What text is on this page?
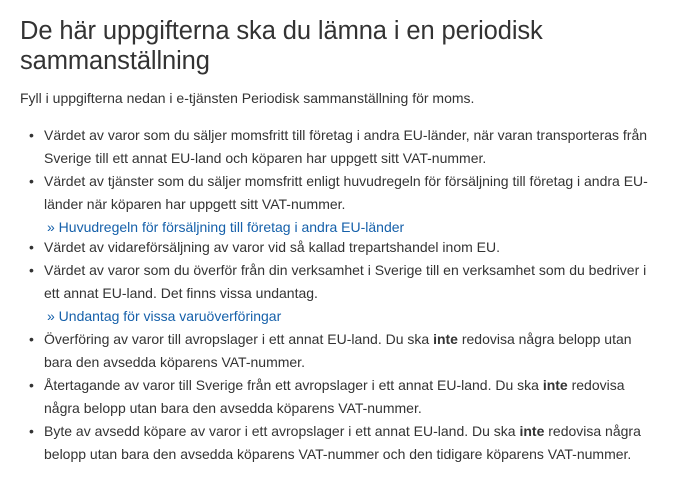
De här uppgifterna ska du lämna i en periodisk sammanställning

Fyll i uppgifterna nedan i e-tjänsten Periodisk sammanställning för moms.

• Värdet av varor som du säljer momsfritt till företag i andra EU-länder, när varan transporteras från Sverige till ett annat EU-land och köparen har uppgett sitt VAT-nummer.
• Värdet av tjänster som du säljer momsfritt enligt huvudregeln för försäljning till företag i andra EU-länder när köparen har uppgett sitt VAT-nummer.
» Huvudregeln för försäljning till företag i andra EU-länder
• Värdet av vidareförsäljning av varor vid så kallad trepartshandel inom EU.
• Värdet av varor som du överför från din verksamhet i Sverige till en verksamhet som du bedriver i ett annat EU-land. Det finns vissa undantag.
» Undantag för vissa varuöverföringar
• Överföring av varor till avropslager i ett annat EU-land. Du ska inte redovisa några belopp utan bara den avsedda köparens VAT-nummer.
• Återtagande av varor till Sverige från ett avropslager i ett annat EU-land. Du ska inte redovisa några belopp utan bara den avsedda köparens VAT-nummer.
• Byte av avsedd köpare av varor i ett avropslager i ett annat EU-land. Du ska inte redovisa några belopp utan bara den avsedda köparens VAT-nummer och den tidigare köparens VAT-nummer.
